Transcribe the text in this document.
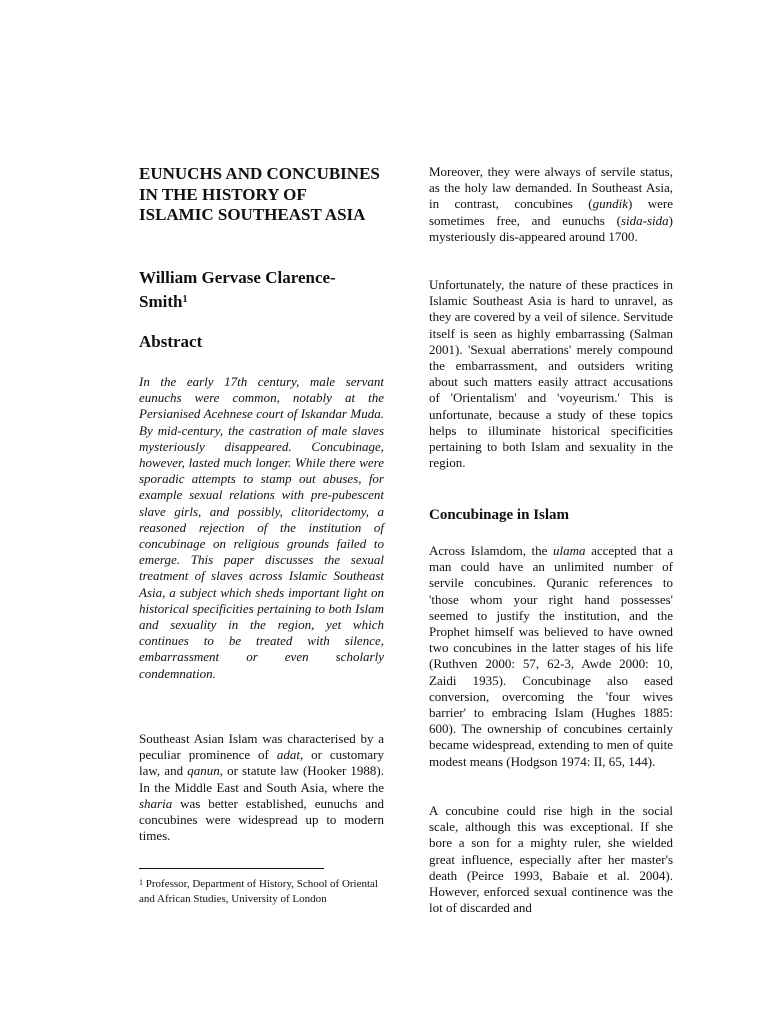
EUNUCHS AND CONCUBINES IN THE HISTORY OF ISLAMIC SOUTHEAST ASIA
William Gervase Clarence-Smith$^1$
Abstract

In the early 17th century, male servant eunuchs were common, notably at the Persianised Acehnese court of Iskandar Muda. By mid-century, the castration of male slaves mysteriously disappeared. Concubinage, however, lasted much longer. While there were sporadic attempts to stamp out abuses, for example sexual relations with pre-pubescent slave girls, and possibly, clitoridectomy, a reasoned rejection of the institution of concubinage on religious grounds failed to emerge. This paper discusses the sexual treatment of slaves across Islamic Southeast Asia, a subject which sheds important light on historical specificities pertaining to both Islam and sexuality in the region, yet which continues to be treated with silence, embarrassment or even scholarly condemnation.

Southeast Asian Islam was characterised by a peculiar prominence of adat, or customary law, and qanun, or statute law (Hooker 1988). In the Middle East and South Asia, where the sharia was better established, eunuchs and concubines were widespread up to modern times.

$^1$ Professor, Department of History, School of Oriental and African Studies, University of London

Moreover, they were always of servile status, as the holy law demanded. In Southeast Asia, in contrast, concubines (gundik) were sometimes free, and eunuchs (sida-sida) mysteriously dis-appeared around 1700.

Unfortunately, the nature of these practices in Islamic Southeast Asia is hard to unravel, as they are covered by a veil of silence. Servitude itself is seen as highly embarrassing (Salman 2001). 'Sexual aberrations' merely compound the embarrassment, and outsiders writing about such matters easily attract accusations of 'Orientalism' and 'voyeurism.' This is unfortunate, because a study of these topics helps to illuminate historical specificities pertaining to both Islam and sexuality in the region.

Concubinage in Islam

Across Islamdom, the ulama accepted that a man could have an unlimited number of servile concubines. Quranic references to 'those whom your right hand possesses' seemed to justify the institution, and the Prophet himself was believed to have owned two concubines in the latter stages of his life (Ruthven 2000: 57, 62-3, Awde 2000: 10, Zaidi 1935). Concubinage also eased conversion, overcoming the 'four wives barrier' to embracing Islam (Hughes 1885: 600). The ownership of concubines certainly became widespread, extending to men of quite modest means (Hodgson 1974: II, 65, 144).

A concubine could rise high in the social scale, although this was exceptional. If she bore a son for a mighty ruler, she wielded great influence, especially after her master's death (Peirce 1993, Babaie et al. 2004). However, enforced sexual continence was the lot of discarded and
